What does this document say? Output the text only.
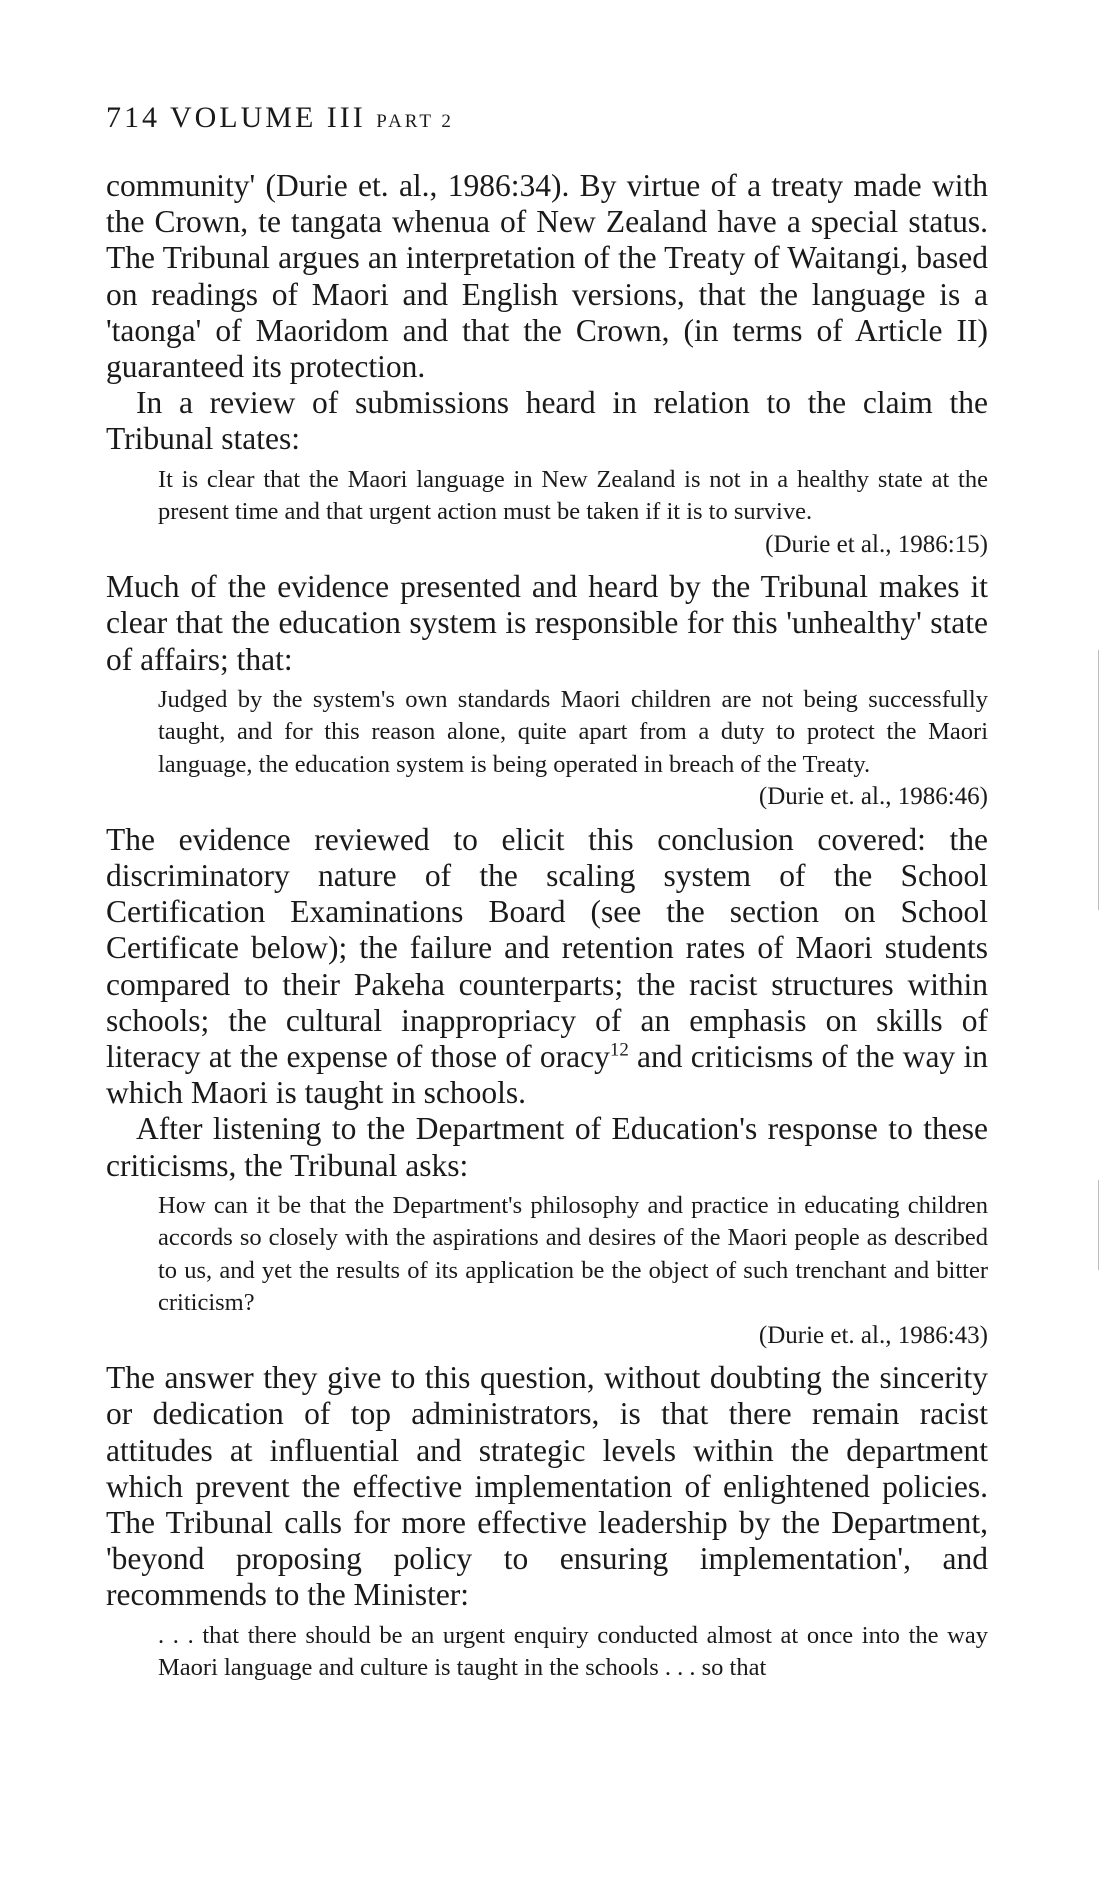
714 VOLUME III PART 2

community' (Durie et. al., 1986:34). By virtue of a treaty made with the Crown, te tangata whenua of New Zealand have a special status. The Tribunal argues an interpretation of the Treaty of Waitangi, based on readings of Maori and English versions, that the language is a 'taonga' of Maoridom and that the Crown, (in terms of Article II) guaranteed its protection.

In a review of submissions heard in relation to the claim the Tribunal states:

It is clear that the Maori language in New Zealand is not in a healthy state at the present time and that urgent action must be taken if it is to survive.
(Durie et al., 1986:15)

Much of the evidence presented and heard by the Tribunal makes it clear that the education system is responsible for this 'unhealthy' state of affairs; that:

Judged by the system's own standards Maori children are not being successfully taught, and for this reason alone, quite apart from a duty to protect the Maori language, the education system is being operated in breach of the Treaty.
(Durie et. al., 1986:46)

The evidence reviewed to elicit this conclusion covered: the discriminatory nature of the scaling system of the School Certification Examinations Board (see the section on School Certificate below); the failure and retention rates of Maori students compared to their Pakeha counterparts; the racist structures within schools; the cultural inappropriacy of an emphasis on skills of literacy at the expense of those of oracy$^{12}$ and criticisms of the way in which Maori is taught in schools.

After listening to the Department of Education's response to these criticisms, the Tribunal asks:

How can it be that the Department's philosophy and practice in educating children accords so closely with the aspirations and desires of the Maori people as described to us, and yet the results of its application be the object of such trenchant and bitter criticism?
(Durie et. al., 1986:43)

The answer they give to this question, without doubting the sincerity or dedication of top administrators, is that there remain racist attitudes at influential and strategic levels within the department which prevent the effective implementation of enlightened policies. The Tribunal calls for more effective leadership by the Department, 'beyond proposing policy to ensuring implementation', and recommends to the Minister:

. . . that there should be an urgent enquiry conducted almost at once into the way Maori language and culture is taught in the schools . . . so that
